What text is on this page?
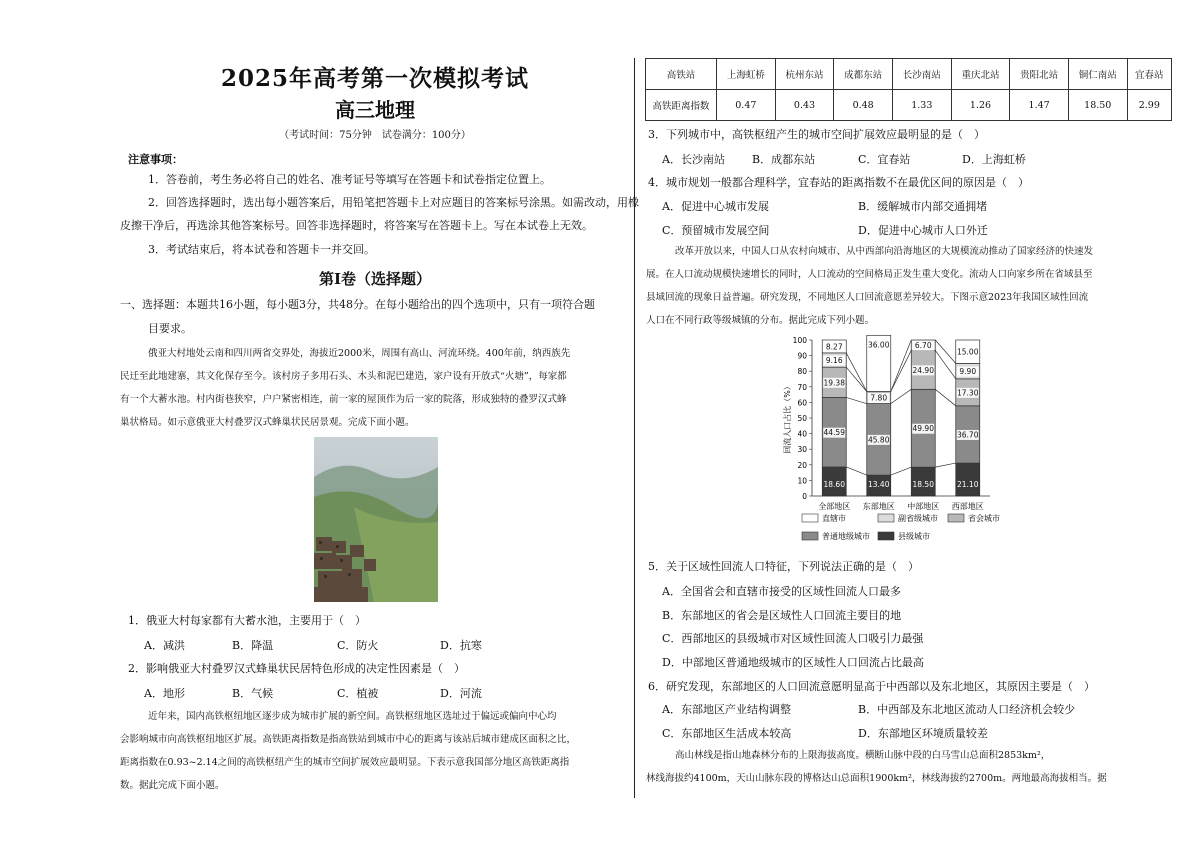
2025年高考第一次模拟考试
高三地理
（考试时间：75分钟　试卷满分：100分）
注意事项：
1．答卷前，考生务必将自己的姓名、准考证号等填写在答题卡和试卷指定位置上。
2．回答选择题时，选出每小题答案后，用铅笔把答题卡上对应题目的答案标号涂黑。如需改动，用橡
皮擦干净后，再选涂其他答案标号。回答非选择题时，将答案写在答题卡上。写在本试卷上无效。
3．考试结束后，将本试卷和答题卡一并交回。
第Ⅰ卷（选择题）
一、选择题：本题共16小题，每小题3分，共48分。在每小题给出的四个选项中，只有一项符合题
目要求。
俄亚大村地处云南和四川两省交界处，海拔近2000米，周围有高山、河流环绕。400年前，纳西族先
民迁至此地建寨，其文化保存至今。该村房子多用石头、木头和泥巴建造，家户设有开放式“火塘”，每家都
有一个大蓄水池。村内街巷狭窄，户户紧密相连，前一家的屋顶作为后一家的院落，形成独特的叠罗汉式蜂
巢状格局。如示意俄亚大村叠罗汉式蜂巢状民居景观。完成下面小题。
1．俄亚大村每家都有大蓄水池，主要用于（　）
A．减洪	B．降温	C．防火	D．抗寒
2．影响俄亚大村叠罗汉式蜂巢状民居特色形成的决定性因素是（　）
A．地形	B．气候	C．植被	D．河流
近年来，国内高铁枢纽地区逐步成为城市扩展的新空间。高铁枢纽地区选址过于偏远或偏向中心均
会影响城市向高铁枢纽地区扩展。高铁距离指数是指高铁站到城市中心的距离与该站后城市建成区面积之比，
距离指数在0.93~2.14之间的高铁枢纽产生的城市空间扩展效应最明显。下表示意我国部分地区高铁距离指
数。据此完成下面小题。
高铁站	上海虹桥	杭州东站	成都东站	长沙南站	重庆北站	贵阳北站	铜仁南站	宜春站
高铁距离指数	0.47	0.43	0.48	1.33	1.26	1.47	18.50	2.99
3．下列城市中，高铁枢纽产生的城市空间扩展效应最明显的是（　）
A．长沙南站 B．成都东站	C．宜春站	D．上海虹桥
4．城市规划一般都合理科学，宜春站的距离指数不在最优区间的原因是（　）
A．促进中心城市发展	B．缓解城市内部交通拥堵
C．预留城市发展空间	D．促进中心城市人口外迁
改革开放以来，中国人口从农村向城市、从中西部向沿海地区的大规模流动推动了国家经济的快速发
展。在人口流动规模快速增长的同时，人口流动的空间格局正发生重大变化。流动人口向家乡所在省域县至
县域回流的现象日益普遍。研究发现，不同地区人口回流意愿差异较大。下图示意2023年我国区域性回流
人口在不同行政等级城镇的分布。据此完成下列小题。
18.60
44.59
19.38
9.16
8.27
13.40
45.80
7.80
36.00
18.50
49.90
24.90
6.70
21.10
36.70
17.30
9.90
15.00
回流人口占比（%）
0
10
20
30
40
50
60
70
80
90
100
全部地区 东部地区 中部地区 西部地区
直辖市	副省级城市	省会城市
普通地级城市	县级城市
5．关于区域性回流人口特征，下列说法正确的是（　）
A．全国省会和直辖市接受的区域性回流人口最多
B．东部地区的省会是区域性人口回流主要目的地
C．西部地区的县级城市对区域性回流人口吸引力最强
D．中部地区普通地级城市的区域性人口回流占比最高
6．研究发现，东部地区的人口回流意愿明显高于中西部以及东北地区，其原因主要是（　）
A．东部地区产业结构调整	B．中西部及东北地区流动人口经济机会较少
C．东部地区生活成本较高	D．东部地区环境质量较差
高山林线是指山地森林分布的上限海拔高度。横断山脉中段的白马雪山总面积2853km²，
林线海拔约4100m，天山山脉东段的博格达山总面积1900km²，林线海拔约2700m。两地最高海拔相当。据
